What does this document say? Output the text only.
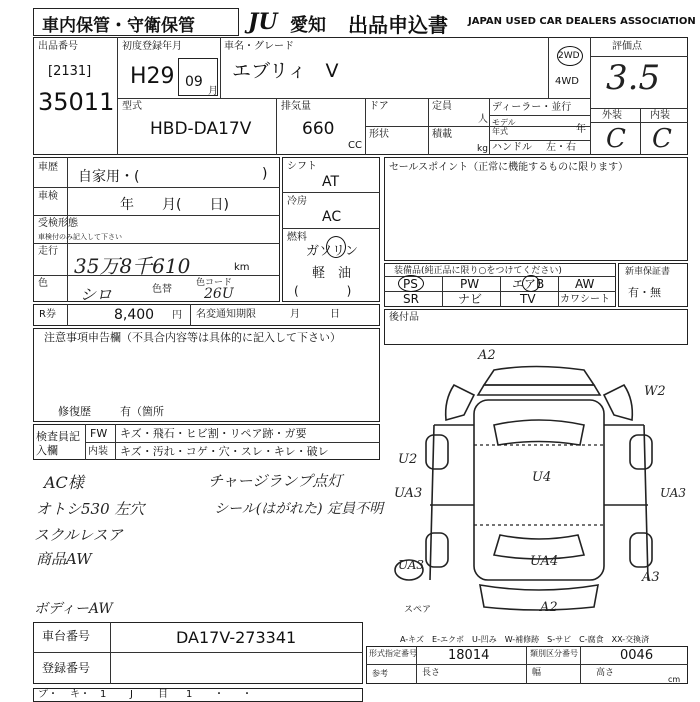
車内保管・守衛保管 JU 愛知 出品申込書 JAPAN USED CAR DEALERS ASSOCIATION
出品番号
[2131]
35011
初度登録年月
H29 09
月
車名・グレード
エブリィ　V
2WD
4WD
評価点
3.5
外装	内装
C C
型式
HBD-DA17V
排気量
660
CC
ドア	定員
人
形状	積載
kg
ディーラー・並行
モデル年式	年
ハンドル 左・右
車歴
自家用・(	)
車検
年　　月(　　日)
受検形態
車検付のみ記入して下さい
走行
35万8千610	km
色
シロ	色替
色コード
26U
R券	8,400 円 名変通知期限	月　　　日
シフト
AT
冷房
AC
燃料
ガソリン
軽　油
(　　　　)
セールスポイント（正常に機能するものに限ります）
装備品(純正品に限り○をつけてください)
PS	PW	エアB	AW
SR	ナビ	TV カワシート
新車保証書
有・無
後付品
注意事項申告欄（不具合内容等は具体的に記入して下さい）
修復歴	有（箇所
検査員記入欄
FW キズ・飛石・ヒビ割・リペア跡・ガ要
内装 キズ・汚れ・コゲ・穴・スレ・キレ・破レ
AC様
オトシ530 左穴
スクルレスア
商品AW
ボディーAW
チャージランプ点灯
シール(はがれた) 定員不明
A2
W2
U2
U4
UA3	UA3
UA4
A3
A2
UA3
スペア
A-キズ　E-エクボ　U-凹み　W-補修跡　S-サビ　C-腐食　XX-交換済
車台番号	DA17V-273341
登録番号
形式指定番号 18014	類別区分番号	0046
長さ	幅	高さ
cm
参考
プ・ キ・ 1 J	目 1 ・ ・
